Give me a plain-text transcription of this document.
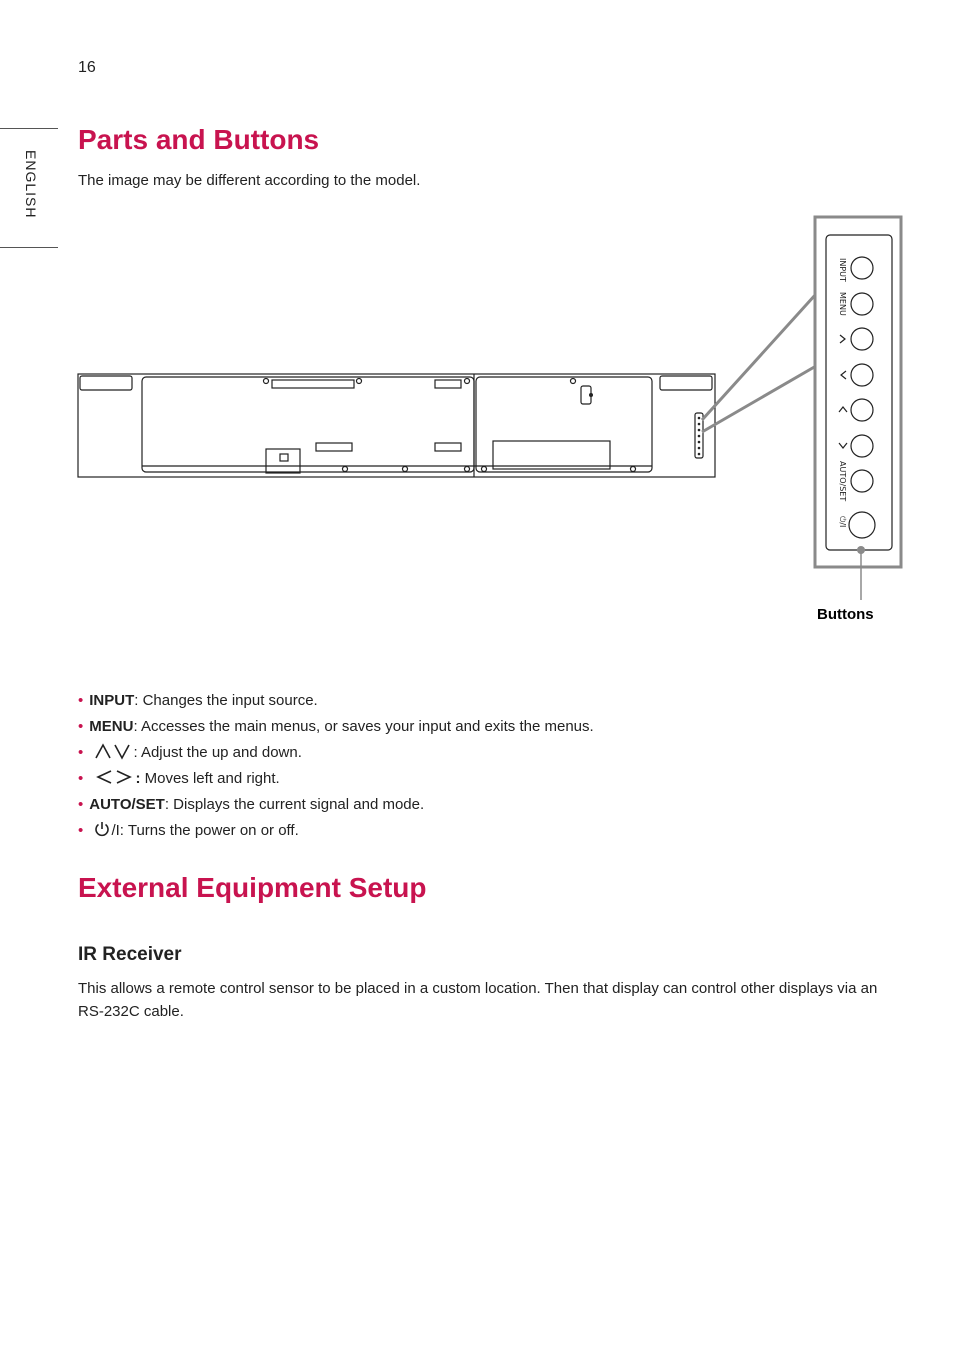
16
ENGLISH
Parts and Buttons

The image may be different according to the model.

INPUT
MENU
AUTO/SET
⏻/I
Buttons
• INPUT: Changes the input source.
• MENU: Accesses the main menus, or saves your input and exits the menus.
•	: Adjust the up and down.
•	: Moves left and right.
• AUTO/SET: Displays the current signal and mode.
• /I: Turns the power on or off.
External Equipment Setup
IR Receiver

This allows a remote control sensor to be placed in a custom location. Then that display can control other displays via an RS-232C cable.
